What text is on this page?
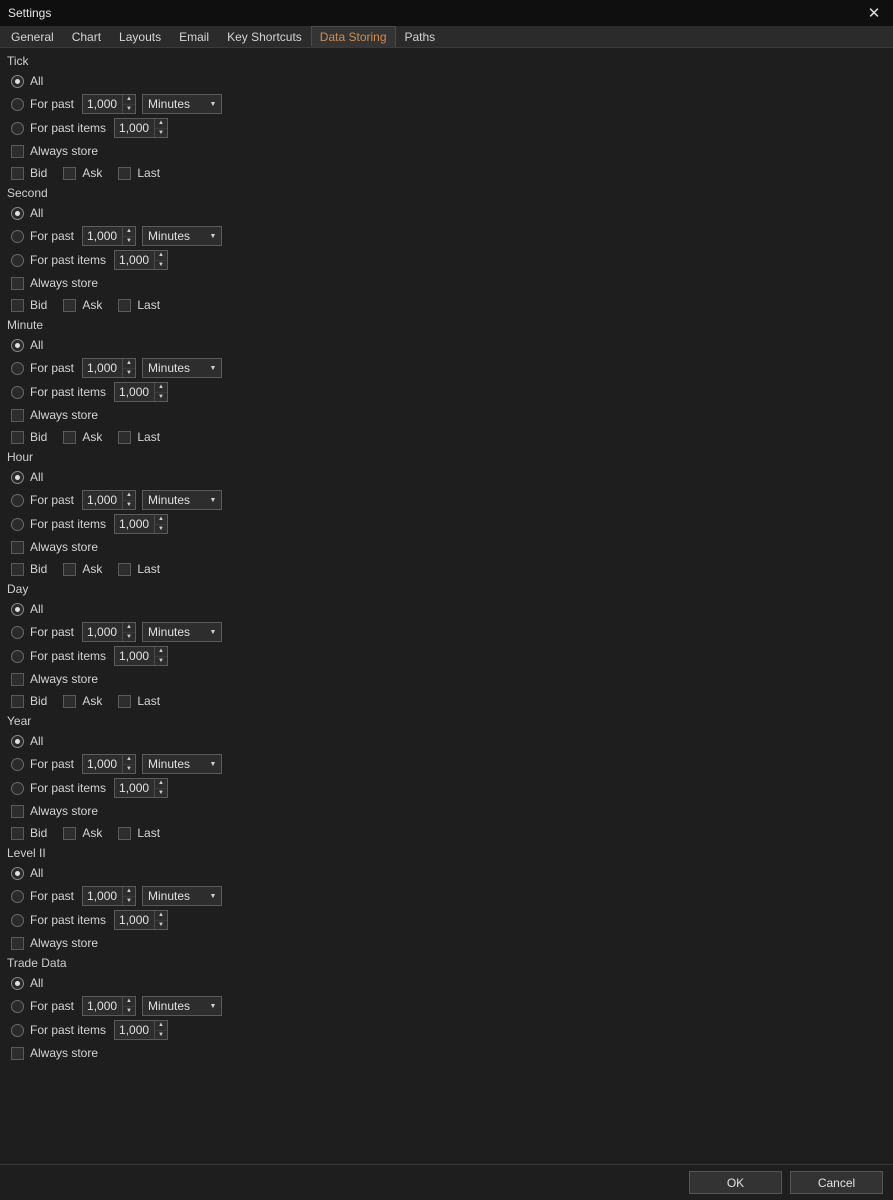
Settings	✕
General	Chart	Layouts	Email	Key Shortcuts	Data Storing	Paths
Tick
All
For past	1,000	▲
▼	Minutes	▼
For past items	1,000	▲
▼
Always store
Bid	Ask	Last
Second
All
For past	1,000	▲
▼	Minutes	▼
For past items	1,000	▲
▼
Always store
Bid	Ask	Last
Minute
All
For past	1,000	▲
▼	Minutes	▼
For past items	1,000	▲
▼
Always store
Bid	Ask	Last
Hour
All
For past	1,000	▲
▼	Minutes	▼
For past items	1,000	▲
▼
Always store
Bid	Ask	Last
Day
All
For past	1,000	▲
▼	Minutes	▼
For past items	1,000	▲
▼
Always store
Bid	Ask	Last
Year
All
For past	1,000	▲
▼	Minutes	▼
For past items	1,000	▲
▼
Always store
Bid	Ask	Last
Level II
All
For past	1,000	▲
▼	Minutes	▼
For past items	1,000	▲
▼
Always store
Trade Data
All
For past	1,000	▲
▼	Minutes	▼
For past items	1,000	▲
▼
Always store
OK	Cancel
